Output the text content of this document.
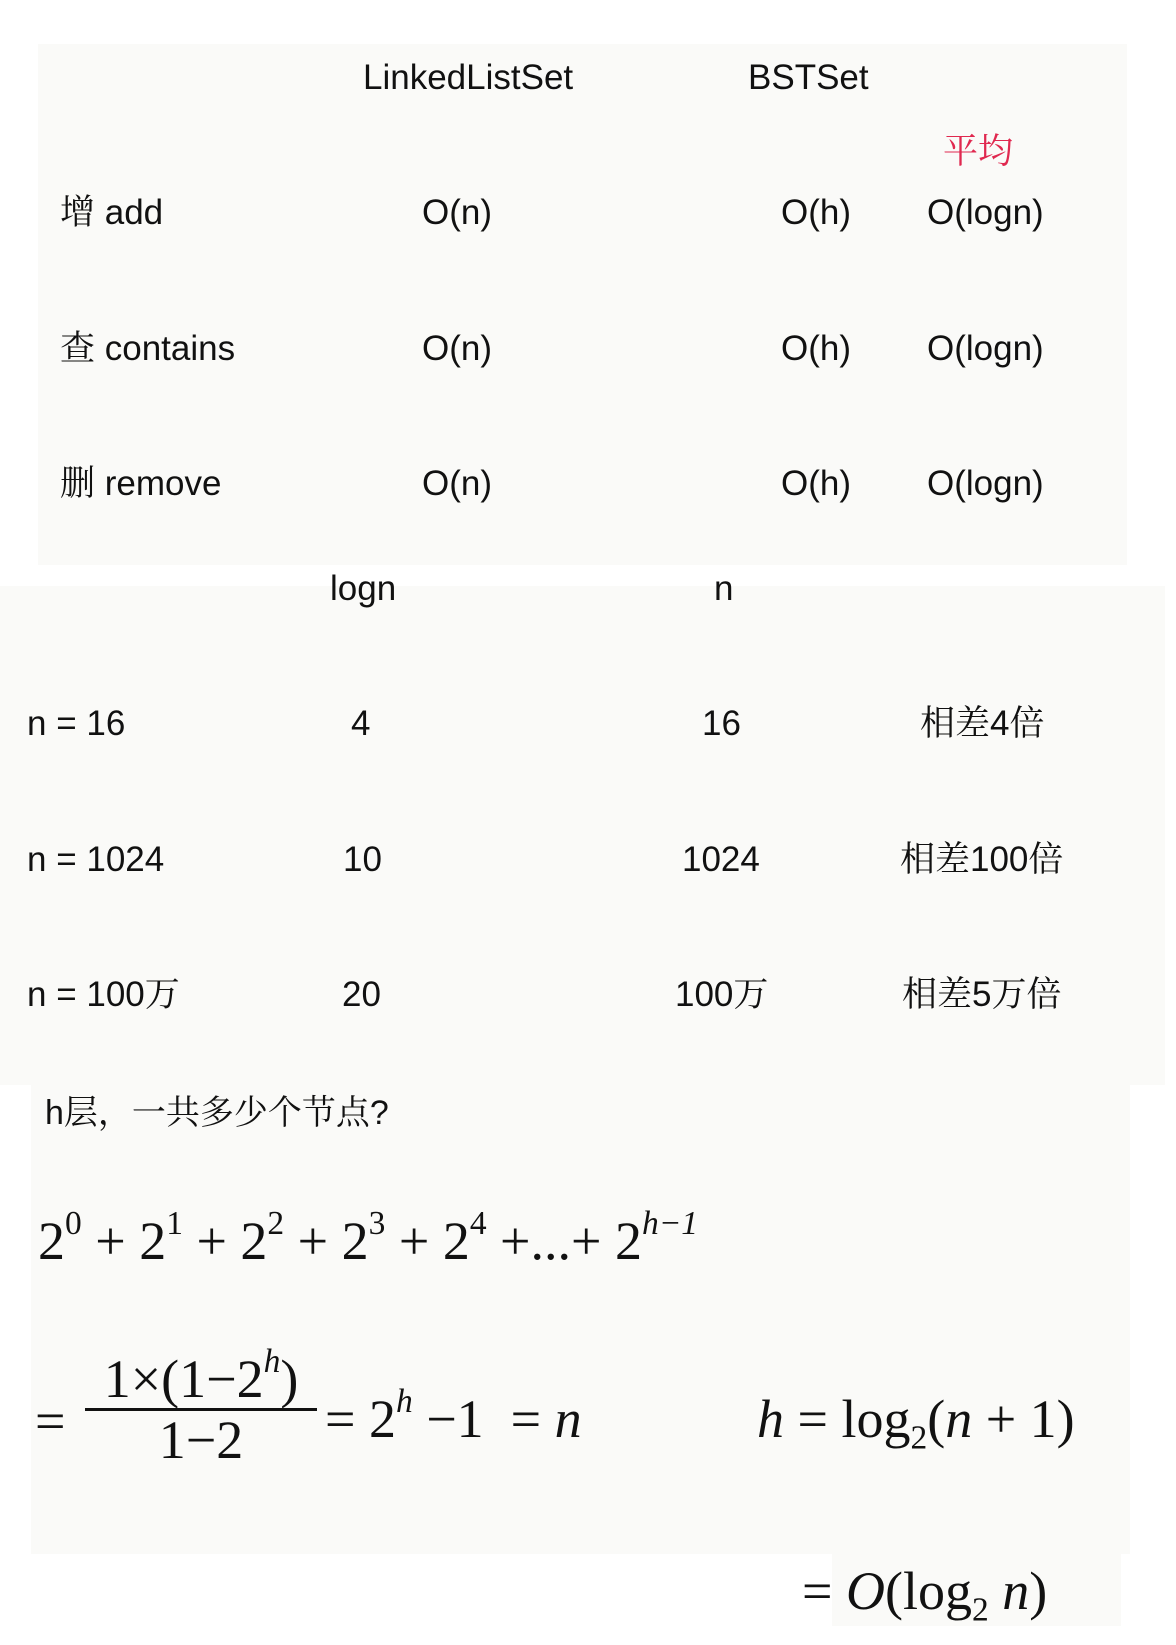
LinkedListSet	BSTSet
平均
增 add	O(n)	O(h) O(logn)
查 contains	O(n)	O(h) O(logn)
删 remove	O(n)	O(h) O(logn)
logn	n
n = 16	4	16	相差4倍
n = 1024	10	1024	相差100倍
n = 100万	20	100万	相差5万倍
h层，一共多少个节点?
$2^0 + 2^1 + 2^2 + 2^3 + 2^4$ +...+ $2^{h-1}$
=
$1\times(1-2^h)$
1−2	= $2^h -1 = n$	$h = \log_2(n + 1)$
= $O(\log_2$ n)
